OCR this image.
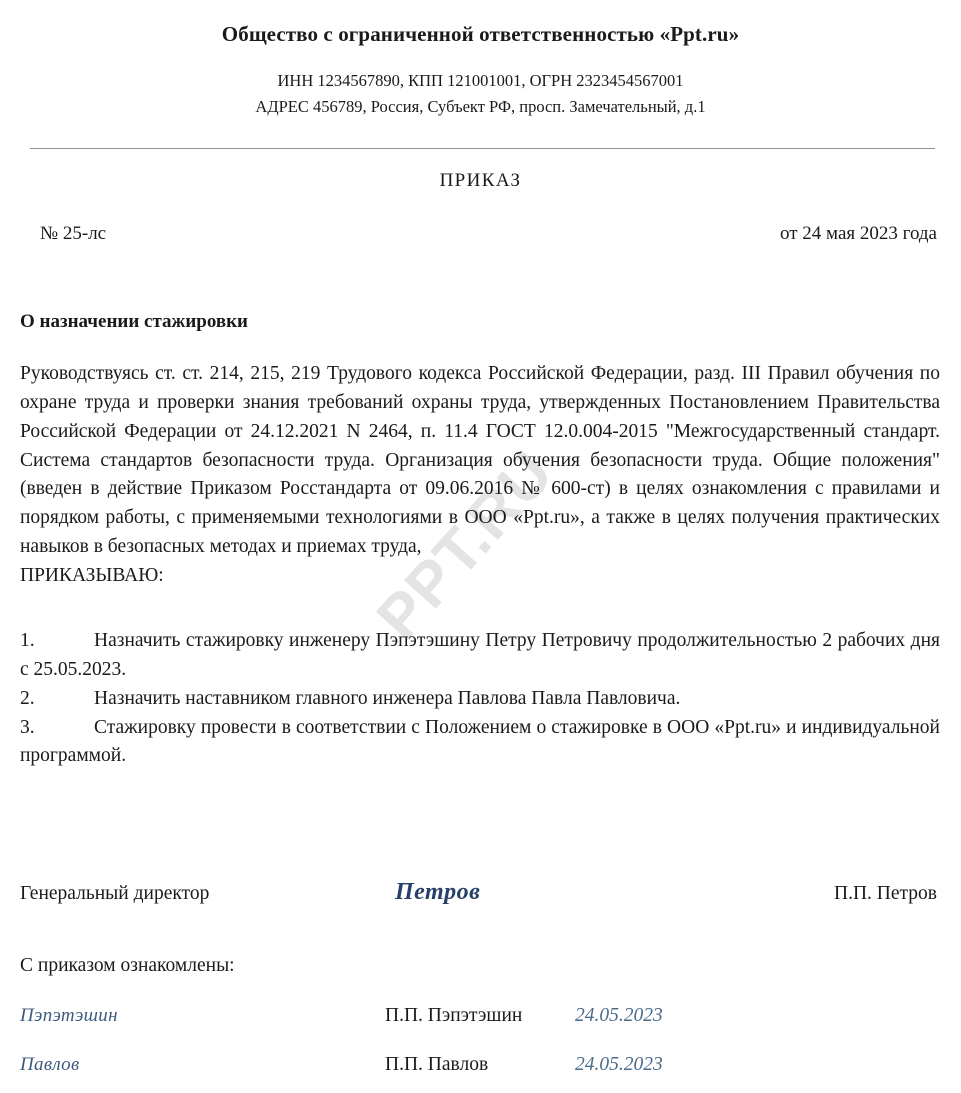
PPT.RU
Общество с ограниченной ответственностью «Ppt.ru»
ИНН 1234567890, КПП 121001001, ОГРН 2323454567001
АДРЕС 456789, Россия, Субъект РФ, просп. Замечательный, д.1
ПРИКАЗ
№ 25-лс	от 24 мая 2023 года
О назначении стажировки
Руководствуясь ст. ст. 214, 215, 219 Трудового кодекса Российской Федерации, разд. III Правил обучения по охране труда и проверки знания требований охраны труда, утвержденных Постановлением Правительства Российской Федерации от 24.12.2021 N 2464, п. 11.4 ГОСТ 12.0.004-2015 "Межгосударственный стандарт. Система стандартов безопасности труда. Организация обучения безопасности труда. Общие положения" (введен в действие Приказом Росстандарта от 09.06.2016 № 600-ст) в целях ознакомления с правилами и порядком работы, с применяемыми технологиями в ООО «Ppt.ru», а также в целях получения практических навыков в безопасных методах и приемах труда,
ПРИКАЗЫВАЮ:

1.	Назначить стажировку инженеру Пэпэтэшину Петру Петровичу продолжительностью 2 рабочих дня с 25.05.2023.

2.	Назначить наставником главного инженера Павлова Павла Павловича.

3.	Стажировку провести в соответствии с Положением о стажировке в ООО «Ppt.ru» и индивидуальной программой.

Генеральный директор	Петров	П.П. Петров
С приказом ознакомлены:
Пэпэтэшин	П.П. Пэпэтэшин	24.05.2023
Павлов	П.П. Павлов	24.05.2023
